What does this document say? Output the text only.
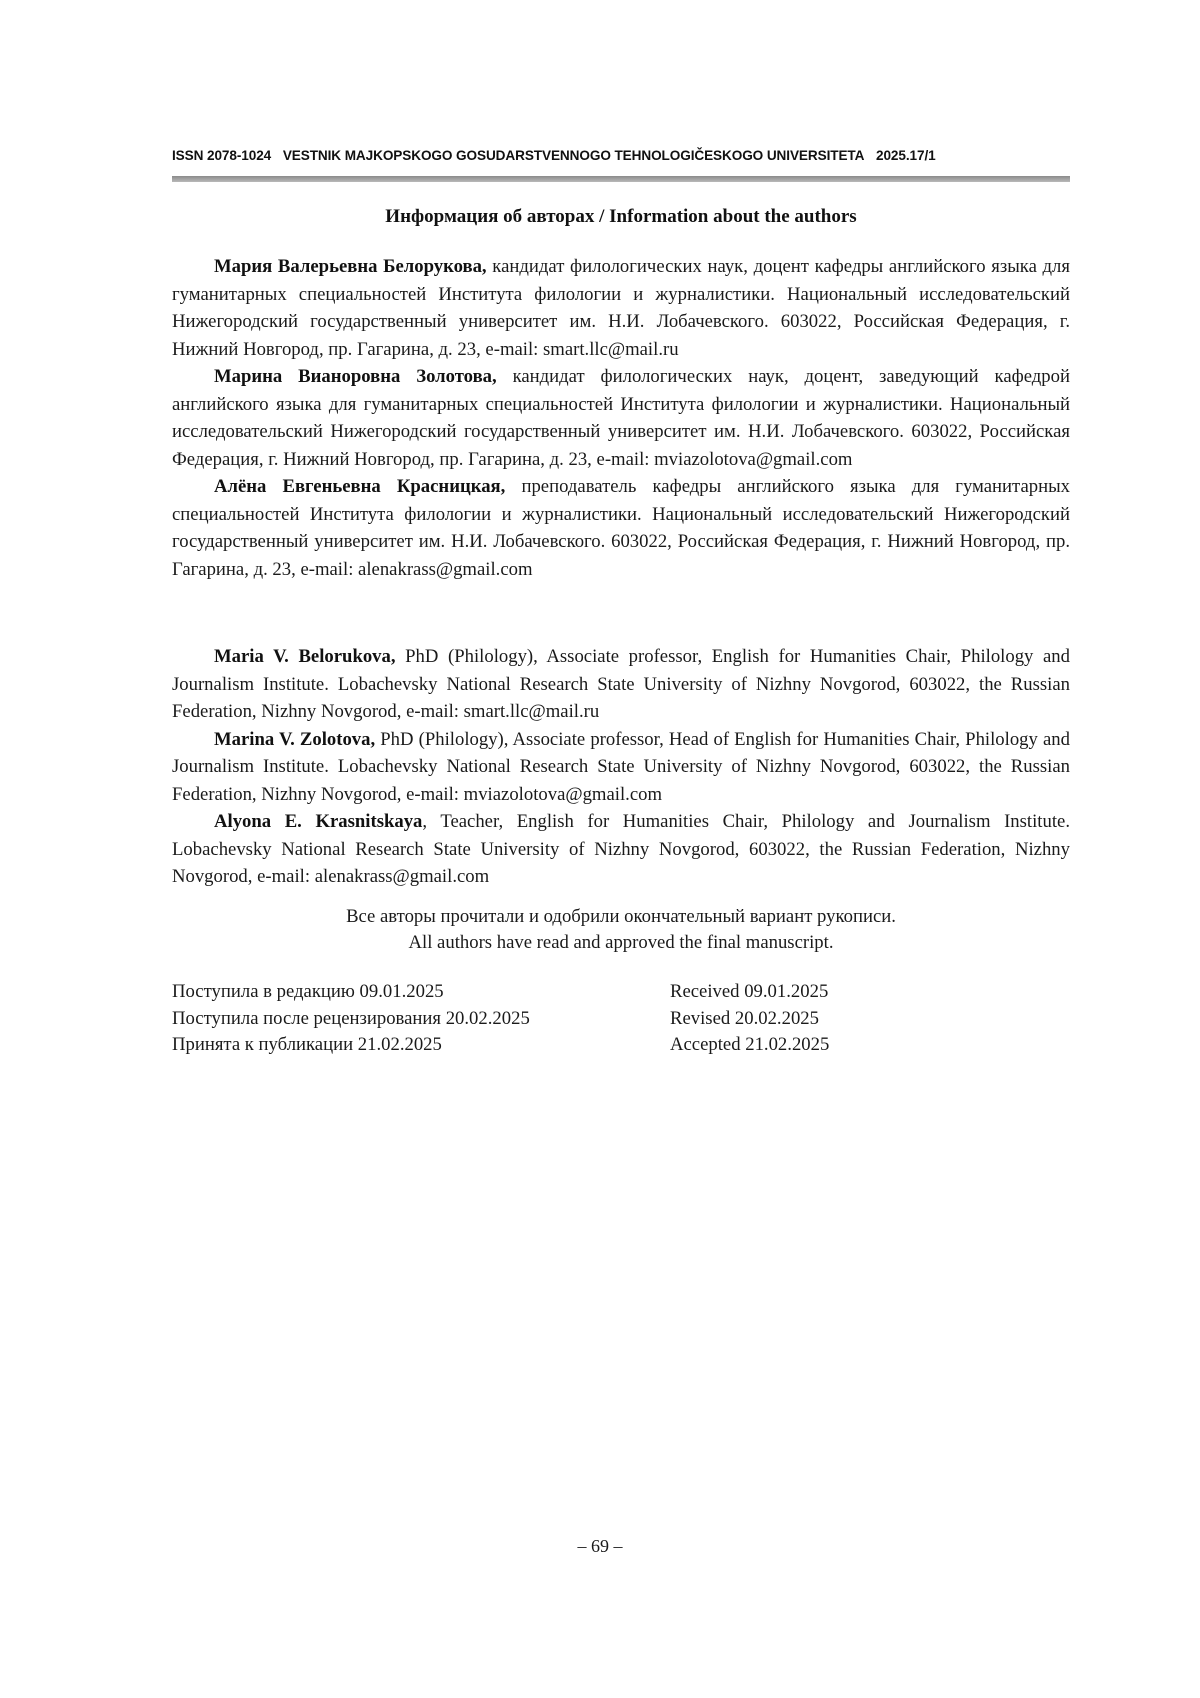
ISSN 2078-1024 VESTNIK MAJKOPSKOGO GOSUDARSTVENNOGO TEHNOLOGIČESKOGO UNIVERSITETA 2025.17/1
Информация об авторах / Information about the authors

Мария Валерьевна Белорукова, кандидат филологических наук, доцент кафедры английского языка для гуманитарных специальностей Института филологии и журналистики. Национальный исследовательский Нижегородский государственный университет им. Н.И. Лобачевского. 603022, Российская Федерация, г. Нижний Новгород, пр. Гагарина, д. 23, e-mail: smart.llc@mail.ru

Марина Вианоровна Золотова, кандидат филологических наук, доцент, заведующий кафедрой английского языка для гуманитарных специальностей Института филологии и журналистики. Национальный исследовательский Нижегородский государственный университет им. Н.И. Лобачевского. 603022, Российская Федерация, г. Нижний Новгород, пр. Гагарина, д. 23, e-mail: mviazolotova@gmail.com

Алёна Евгеньевна Красницкая, преподаватель кафедры английского языка для гуманитарных специальностей Института филологии и журналистики. Национальный исследовательский Нижегородский государственный университет им. Н.И. Лобачевского. 603022, Российская Федерация, г. Нижний Новгород, пр. Гагарина, д. 23, e-mail: alenakrass@gmail.com

Maria V. Belorukova, PhD (Philology), Associate professor, English for Humanities Chair, Philology and Journalism Institute. Lobachevsky National Research State University of Nizhny Novgorod, 603022, the Russian Federation, Nizhny Novgorod, e-mail: smart.llc@mail.ru

Marina V. Zolotova, PhD (Philology), Associate professor, Head of English for Humanities Chair, Philology and Journalism Institute. Lobachevsky National Research State University of Nizhny Novgorod, 603022, the Russian Federation, Nizhny Novgorod, e-mail: mviazolotova@gmail.com

Alyona E. Krasnitskaya, Teacher, English for Humanities Chair, Philology and Journalism Institute. Lobachevsky National Research State University of Nizhny Novgorod, 603022, the Russian Federation, Nizhny Novgorod, e-mail: alenakrass@gmail.com

Все авторы прочитали и одобрили окончательный вариант рукописи.
All authors have read and approved the final manuscript.
Поступила в редакцию 09.01.2025
Поступила после рецензирования 20.02.2025
Принята к публикации 21.02.2025
Received 09.01.2025
Revised 20.02.2025
Accepted 21.02.2025
– 69 –
